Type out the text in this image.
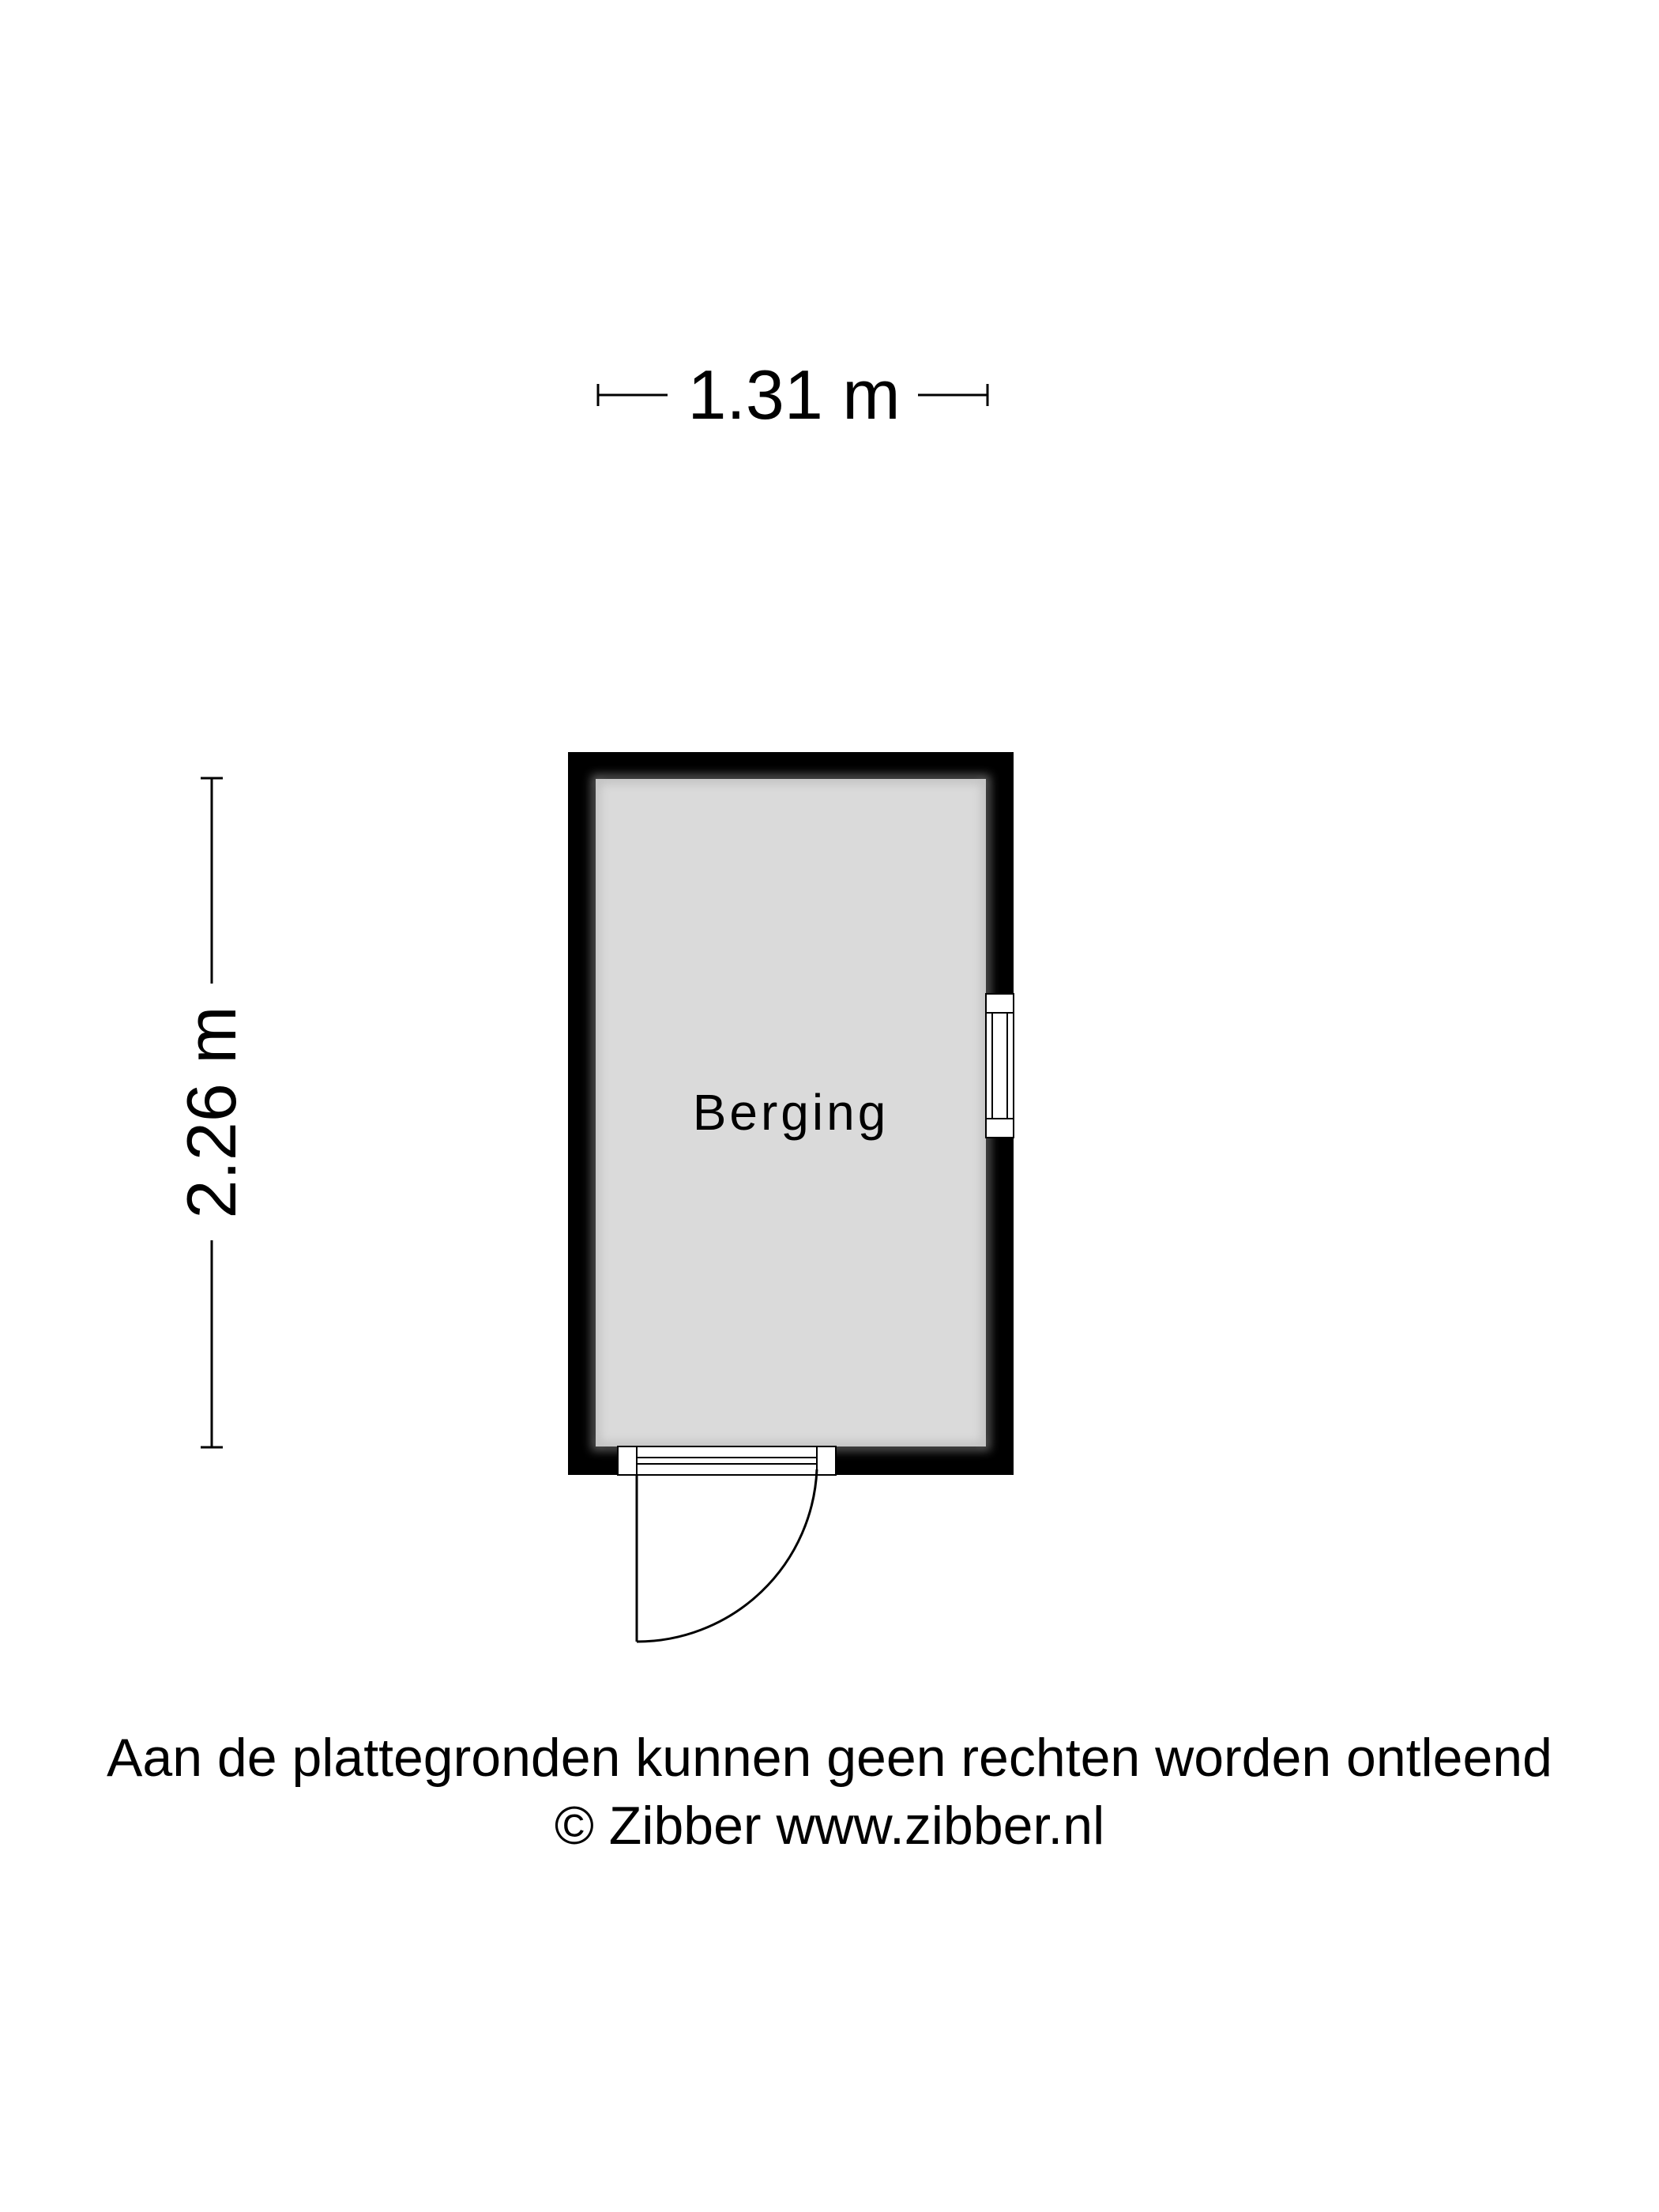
1.31 m
2.26 m	Berging
Aan de plattegronden kunnen geen rechten worden ontleend
© Zibber www.zibber.nl
